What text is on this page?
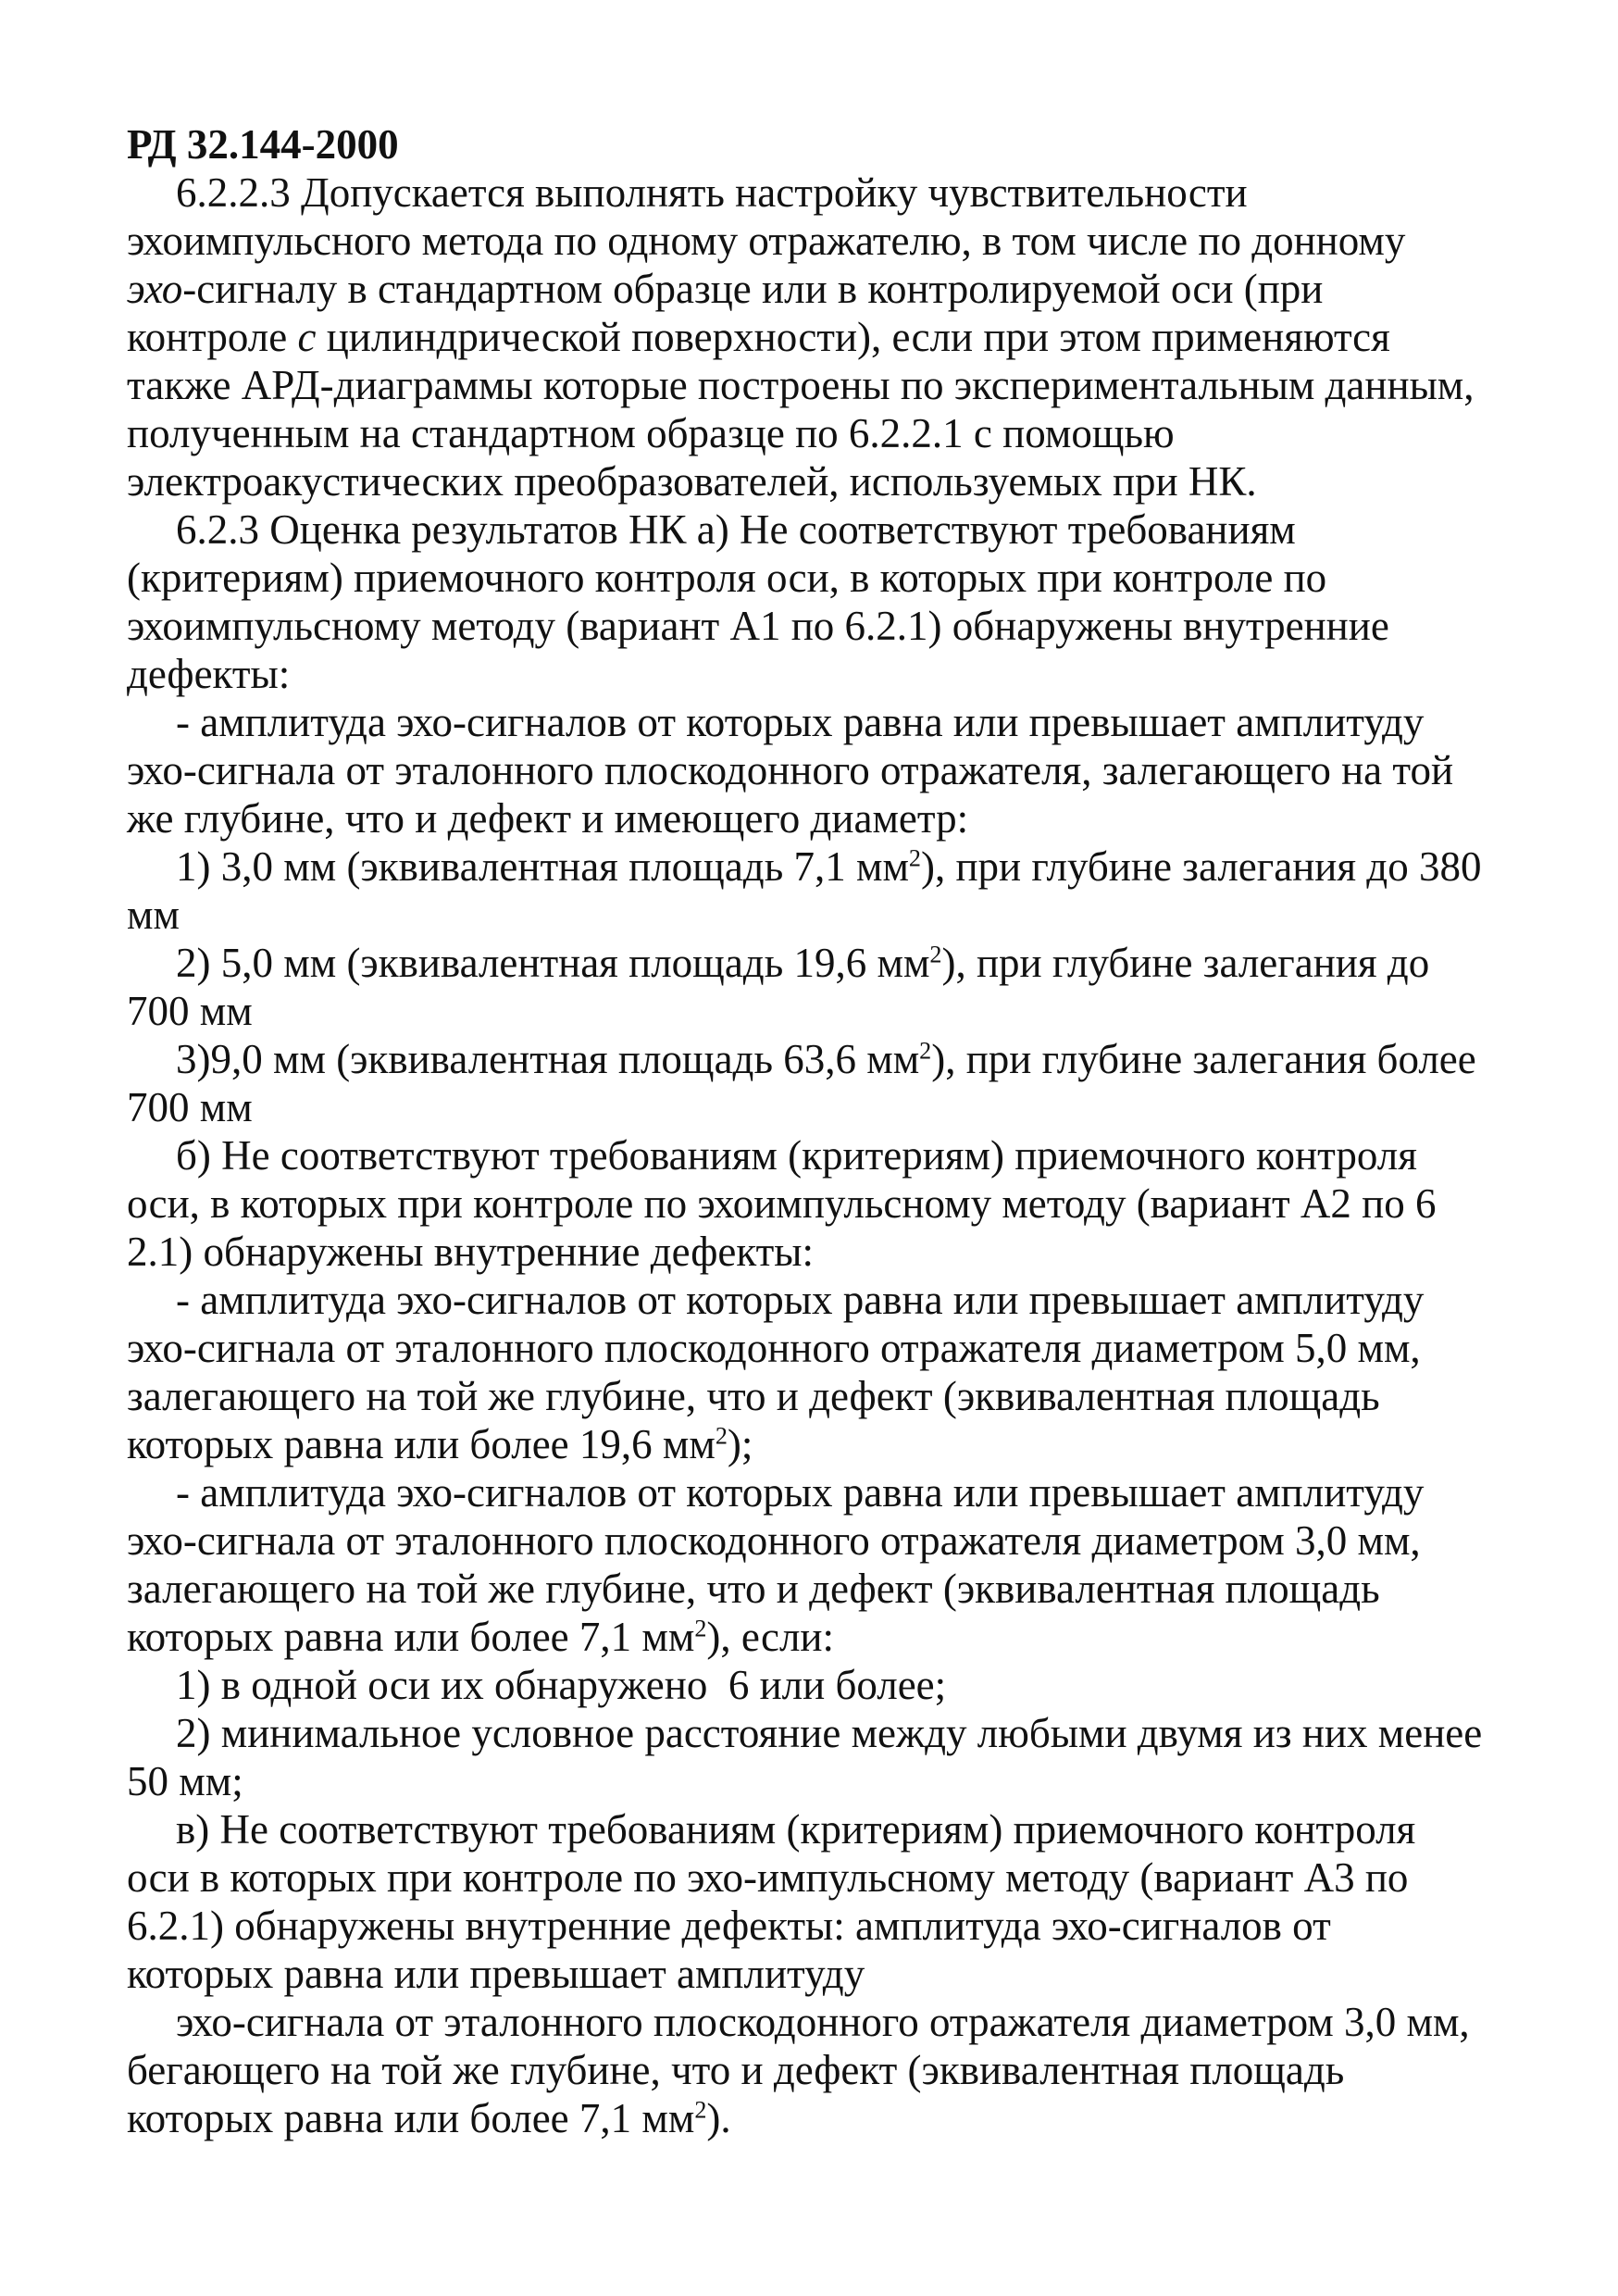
РД 32.144-2000
6.2.2.3 Допускается выполнять настройку чувствительности
эхоимпульсного метода по одному отражателю, в том числе по донному
эхо-сигналу в стандартном образце или в контролируемой оси (при
контроле с цилиндрической поверхности), если при этом применяются
также АРД-диаграммы которые построены по экспериментальным данным,
полученным на стандартном образце по 6.2.2.1 с помощью
электроакустических преобразователей, используемых при НК.
6.2.3 Оценка результатов НК а) Не соответствуют требованиям
(критериям) приемочного контроля оси, в которых при контроле по
эхоимпульсному методу (вариант А1 по 6.2.1) обнаружены внутренние
дефекты:
- амплитуда эхо-сигналов от которых равна или превышает амплитуду
эхо-сигнала от эталонного плоскодонного отражателя, залегающего на той
же глубине, что и дефект и имеющего диаметр:
1) 3,0 мм (эквивалентная площадь 7,1 $мм^2$), при глубине залегания до 380
мм
2) 5,0 мм (эквивалентная площадь 19,6 $мм^2$), при глубине залегания до
700 мм
3)9,0 мм (эквивалентная площадь 63,6 $мм^2$), при глубине залегания более
700 мм
б) Не соответствуют требованиям (критериям) приемочного контроля
оси, в которых при контроле по эхоимпульсному методу (вариант А2 по 6
2.1) обнаружены внутренние дефекты:
- амплитуда эхо-сигналов от которых равна или превышает амплитуду
эхо-сигнала от эталонного плоскодонного отражателя диаметром 5,0 мм,
залегающего на той же глубине, что и дефект (эквивалентная площадь
которых равна или более 19,6 $мм^2$);
- амплитуда эхо-сигналов от которых равна или превышает амплитуду
эхо-сигнала от эталонного плоскодонного отражателя диаметром 3,0 мм,
залегающего на той же глубине, что и дефект (эквивалентная площадь
которых равна или более 7,1 $мм^2$), если:
1) в одной оси их обнаружено  6 или более;
2) минимальное условное расстояние между любыми двумя из них менее
50 мм;
в) Не соответствуют требованиям (критериям) приемочного контроля
оси в которых при контроле по эхо-импульсному методу (вариант А3 по
6.2.1) обнаружены внутренние дефекты: амплитуда эхо-сигналов от
которых равна или превышает амплитуду
эхо-сигнала от эталонного плоскодонного отражателя диаметром 3,0 мм,
бегающего на той же глубине, что и дефект (эквивалентная площадь
которых равна или более 7,1 $мм^2$).
